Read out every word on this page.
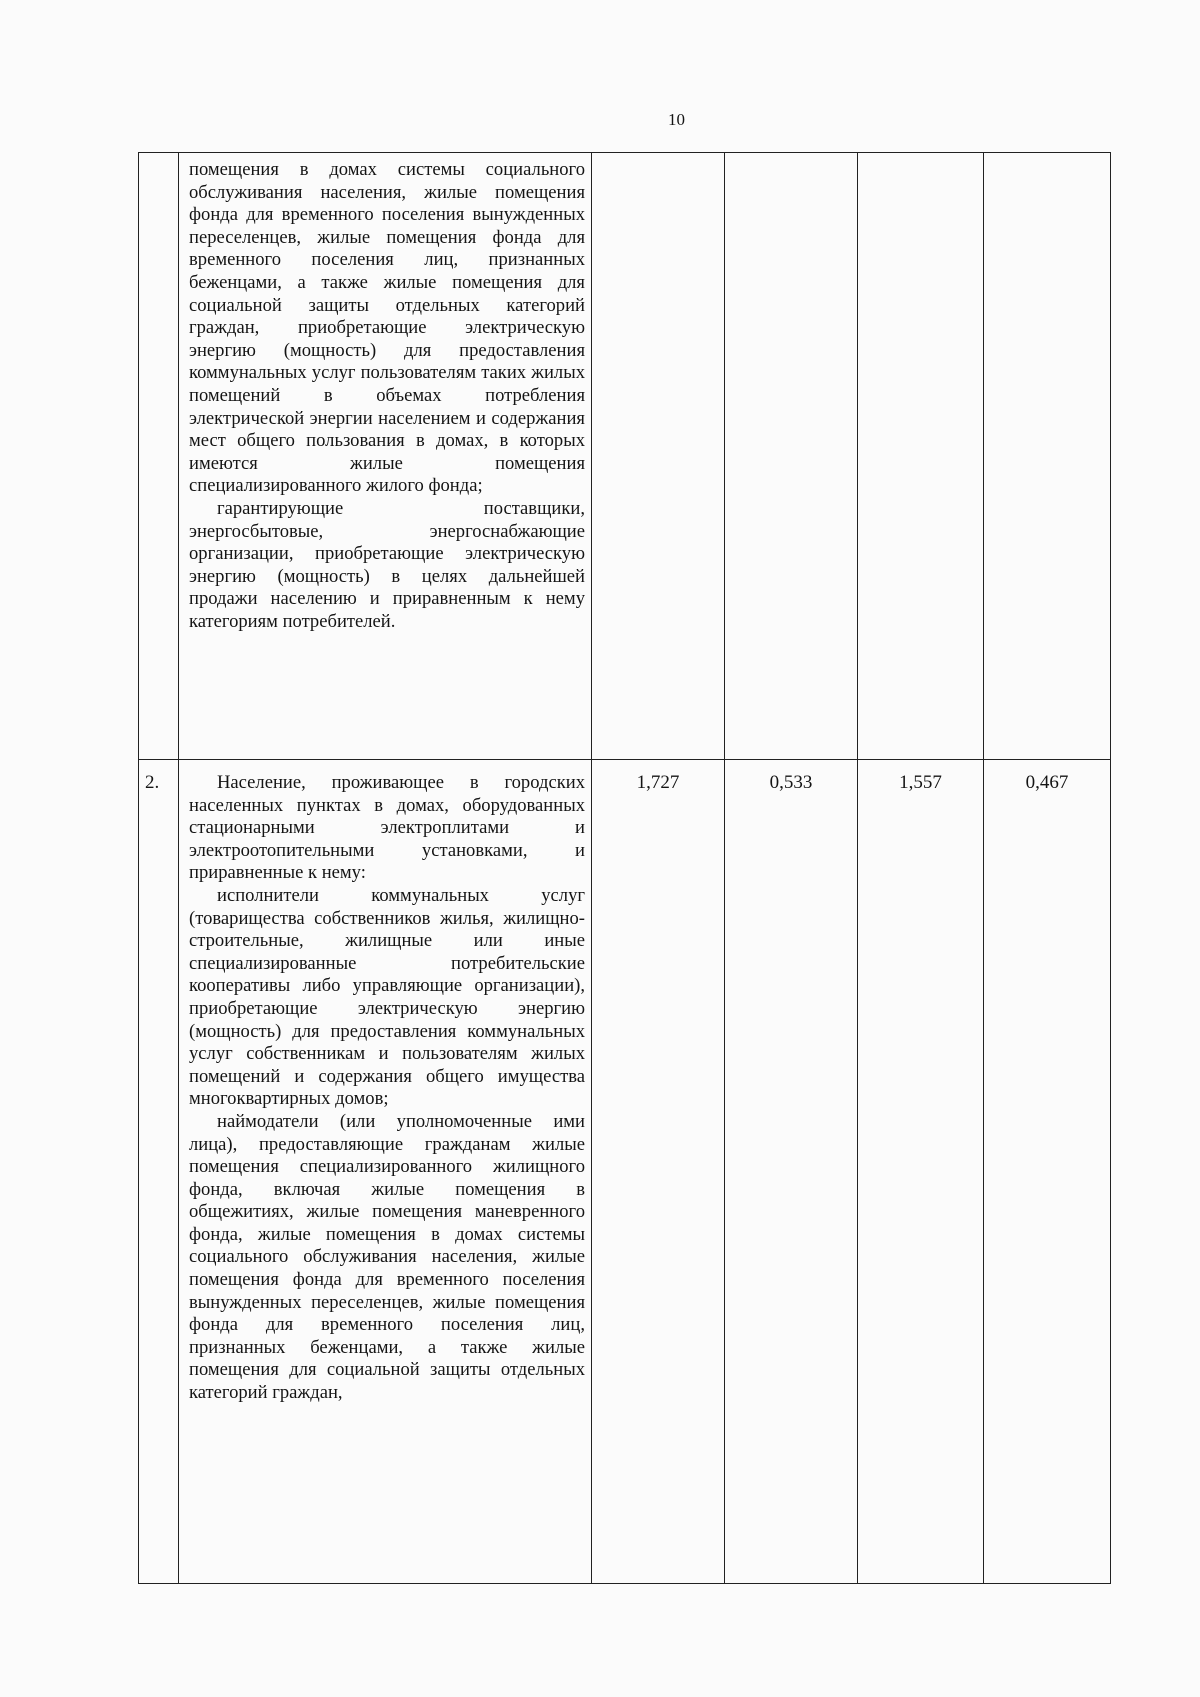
10

	помещения в домах системы социального обслуживания населения, жилые помещения фонда для временного поселения вынужденных переселенцев, жилые помещения фонда для временного поселения лиц, признанных беженцами, а также жилые помещения для социальной защиты отдельных категорий граждан, приобретающие электрическую энергию (мощность) для предоставления коммунальных услуг пользователям таких жилых помещений в объемах потребления электрической энергии населением и содержания мест общего пользования в домах, в которых имеются жилые помещения специализированного жилого фонда;

гарантирующие поставщики, энергосбытовые, энергоснабжающие организации, приобретающие электрическую энергию (мощность) в целях дальнейшей продажи населению и приравненным к нему категориям потребителей.				

2.	Население, проживающее в городских населенных пунктах в домах, оборудованных стационарными электроплитами и электроотопительными установками, и приравненные к нему:

исполнители коммунальных услуг (товарищества собственников жилья, жилищно-строительные, жилищные или иные специализированные потребительские кооперативы либо управляющие организации), приобретающие электрическую энергию (мощность) для предоставления коммунальных услуг собственникам и пользователям жилых помещений и содержания общего имущества многоквартирных домов;

наймодатели (или уполномоченные ими лица), предоставляющие гражданам жилые помещения специализированного жилищного фонда, включая жилые помещения в общежитиях, жилые помещения маневренного фонда, жилые помещения в домах системы социального обслуживания населения, жилые помещения фонда для временного поселения вынужденных переселенцев, жилые помещения фонда для временного поселения лиц, признанных беженцами, а также жилые помещения для социальной защиты отдельных категорий граждан,	1,727	0,533	1,557	0,467
